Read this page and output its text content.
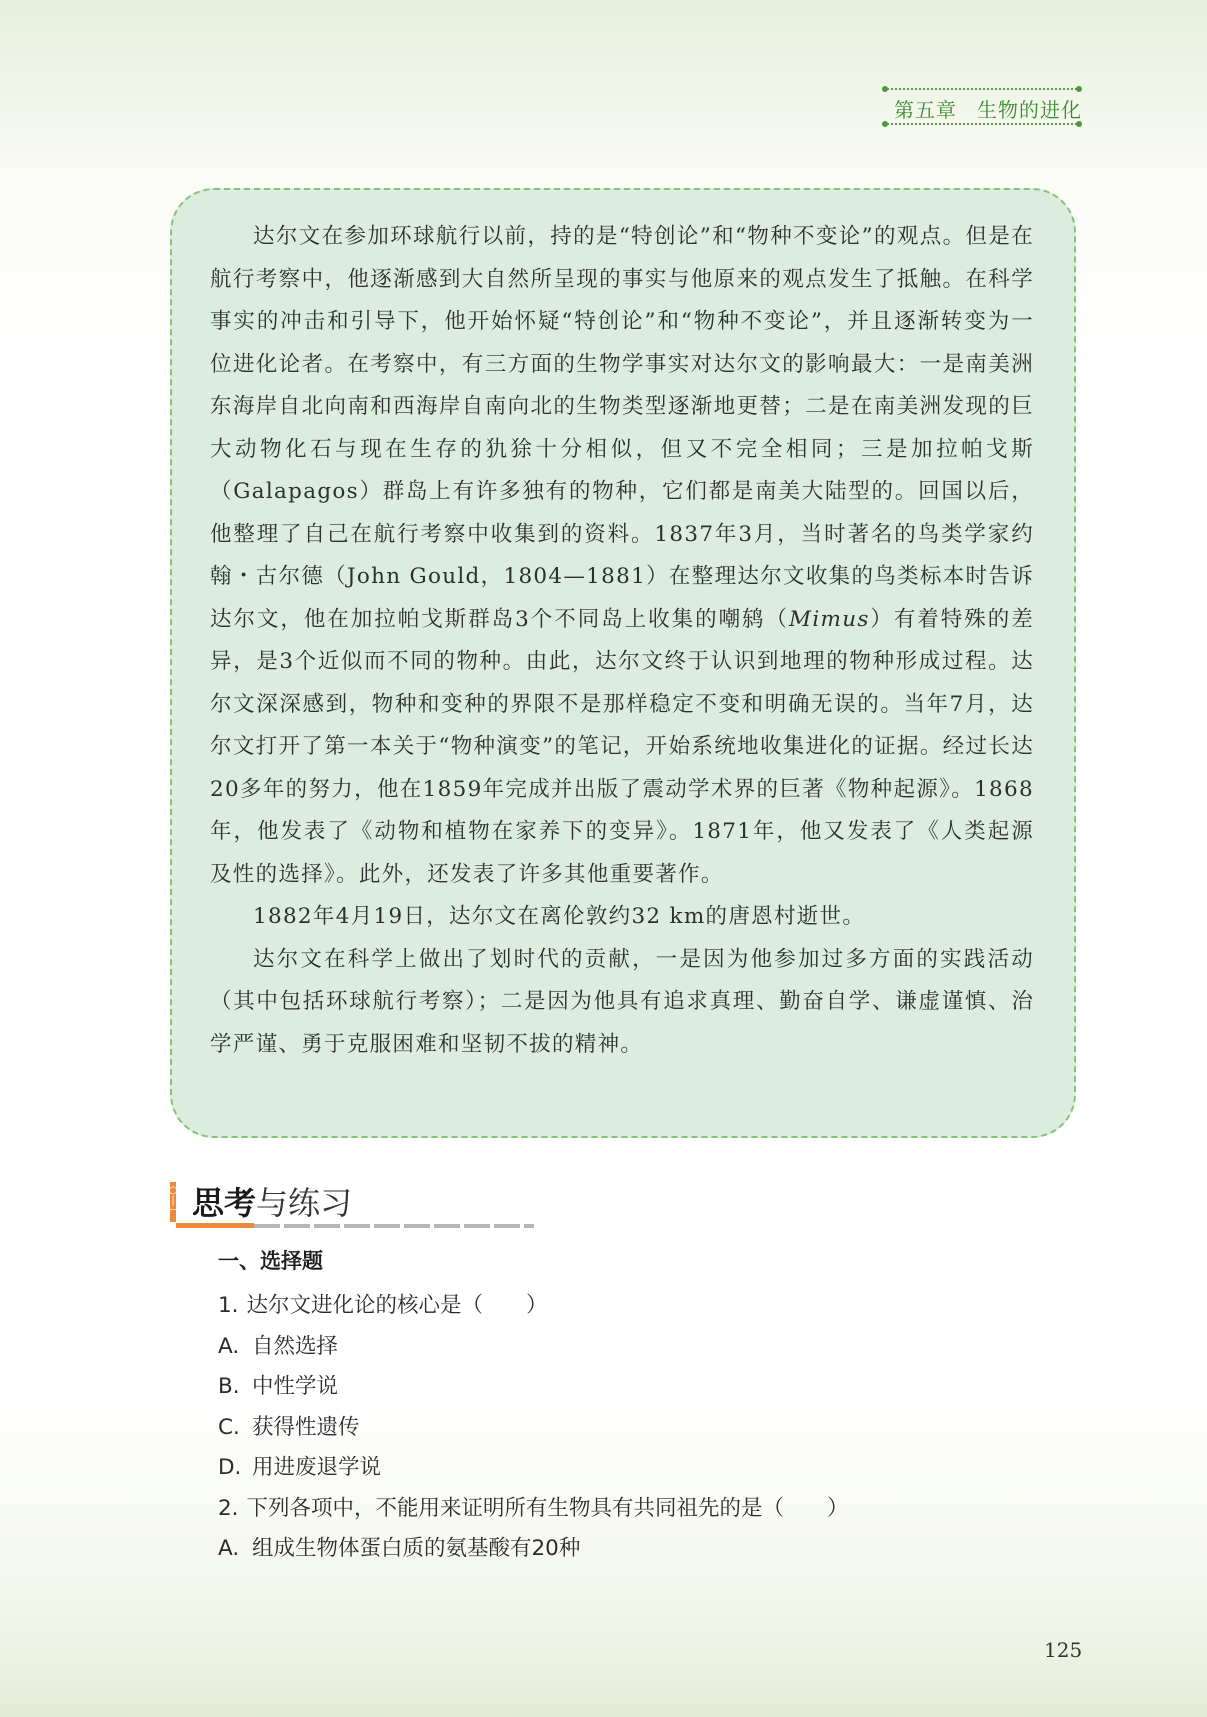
第五章 生物的进化

达尔文在参加环球航行以前，持的是“特创论”和“物种不变论”的观点。但是在航行考察中，他逐渐感到大自然所呈现的事实与他原来的观点发生了抵触。在科学事实的冲击和引导下，他开始怀疑“特创论”和“物种不变论”，并且逐渐转变为一位进化论者。在考察中，有三方面的生物学事实对达尔文的影响最大：一是南美洲东海岸自北向南和西海岸自南向北的生物类型逐渐地更替；二是在南美洲发现的巨大动物化石与现在生存的犰狳十分相似，但又不完全相同；三是加拉帕戈斯（Galapagos）群岛上有许多独有的物种，它们都是南美大陆型的。回国以后，他整理了自己在航行考察中收集到的资料。1837年3月，当时著名的鸟类学家约翰・古尔德（John Gould，1804—1881）在整理达尔文收集的鸟类标本时告诉达尔文，他在加拉帕戈斯群岛3个不同岛上收集的嘲鸫（Mimus）有着特殊的差异，是3个近似而不同的物种。由此，达尔文终于认识到地理的物种形成过程。达尔文深深感到，物种和变种的界限不是那样稳定不变和明确无误的。当年7月，达尔文打开了第一本关于“物种演变”的笔记，开始系统地收集进化的证据。经过长达20多年的努力，他在1859年完成并出版了震动学术界的巨著《物种起源》。1868年，他发表了《动物和植物在家养下的变异》。1871年，他又发表了《人类起源及性的选择》。此外，还发表了许多其他重要著作。

1882年4月19日，达尔文在离伦敦约32 km的唐恩村逝世。

达尔文在科学上做出了划时代的贡献，一是因为他参加过多方面的实践活动（其中包括环球航行考察）；二是因为他具有追求真理、勤奋自学、谦虚谨慎、治学严谨、勇于克服困难和坚韧不拔的精神。

○
|
⊢ 思考与练习
一、选择题
1. 达尔文进化论的核心是（　　）
A. 自然选择
B. 中性学说
C. 获得性遗传
D. 用进废退学说
2. 下列各项中，不能用来证明所有生物具有共同祖先的是（　　）
A. 组成生物体蛋白质的氨基酸有20种
125
